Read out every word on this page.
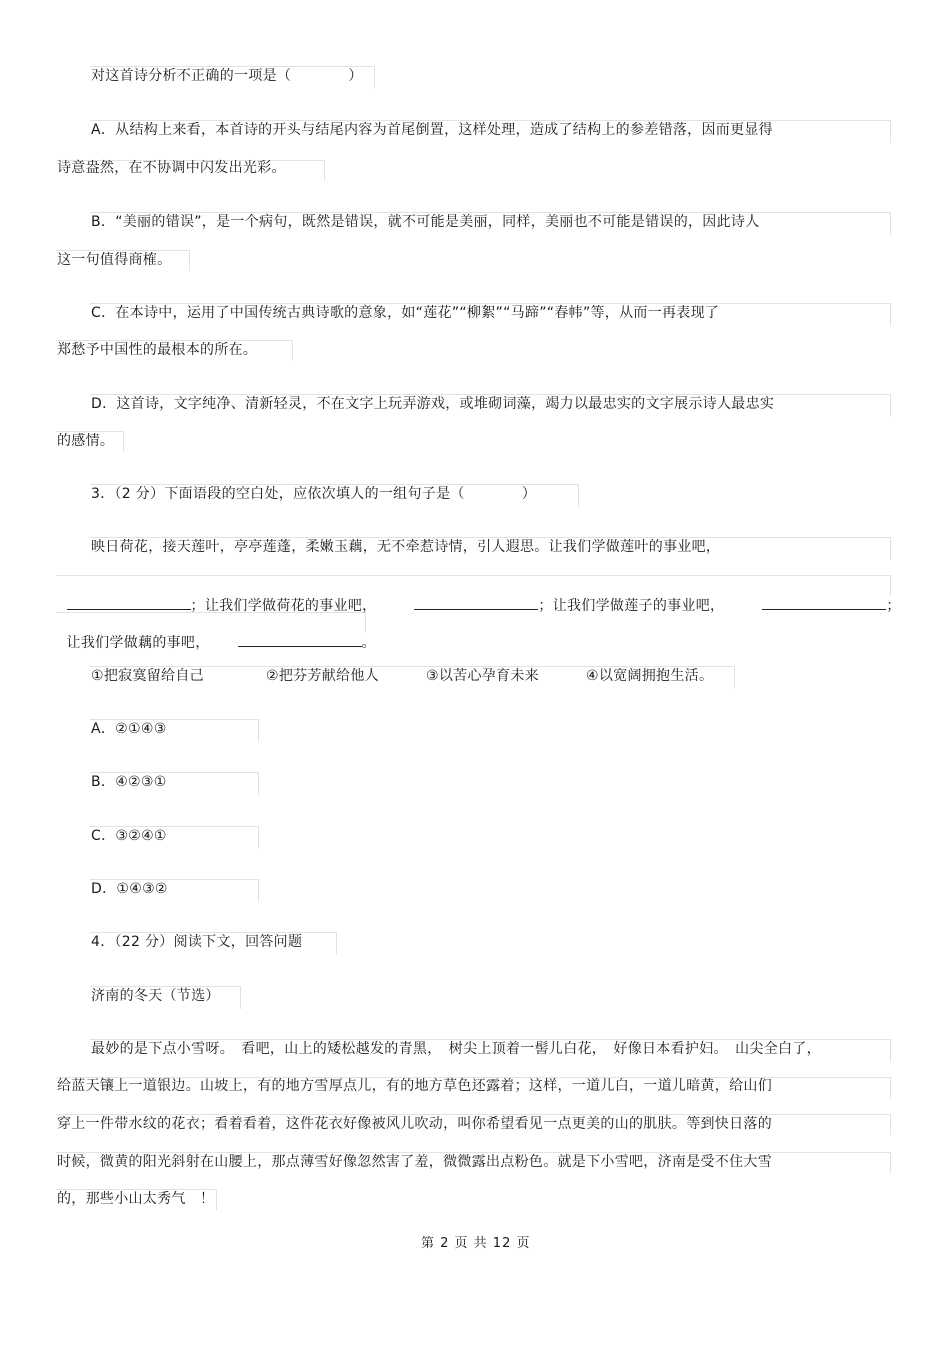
对这首诗分析不正确的一项是（　　　　）
A．从结构上来看，本首诗的开头与结尾内容为首尾倒置，这样处理，造成了结构上的参差错落，因而更显得
诗意盎然，在不协调中闪发出光彩。
B．“美丽的错误”，是一个病句，既然是错误，就不可能是美丽，同样，美丽也不可能是错误的，因此诗人
这一句值得商榷。
C．在本诗中，运用了中国传统古典诗歌的意象，如“莲花”“柳絮”“马蹄”“春帏”等，从而一再表现了
郑愁予中国性的最根本的所在。
D．这首诗，文字纯净、清新轻灵，不在文字上玩弄游戏，或堆砌词藻，竭力以最忠实的文字展示诗人最忠实
的感情。
3．（2 分）下面语段的空白处，应依次填人的一组句子是（　　　　）
映日荷花，接天莲叶，亭亭莲蓬，柔嫩玉藕，无不牵惹诗情，引人遐思。让我们学做莲叶的事业吧，

；让我们学做荷花的事业吧，	；让我们学做莲子的事业吧，	；

让我们学做藕的事吧，	。

①把寂寞留给自己	②把芬芳献给他人	③以苦心孕育未来	④以宽阔拥抱生活。
A．②①④③
B．④②③①
C．③②④①
D．①④③②
4．（22 分）阅读下文，回答问题
济南的冬天（节选）
最妙的是下点小雪呀。　看吧，山上的矮松越发的青黑，　树尖上顶着一髻儿白花，　好像日本看护妇。　山尖全白了，
给蓝天镶上一道银边。山坡上，有的地方雪厚点儿，有的地方草色还露着；这样，一道儿白，一道儿暗黄，给山们
穿上一件带水纹的花衣；看着看着，这件花衣好像被风儿吹动，叫你希望看见一点更美的山的肌肤。等到快日落的
时候，微黄的阳光斜射在山腰上，那点薄雪好像忽然害了羞，微微露出点粉色。就是下小雪吧，济南是受不住大雪
的，那些小山太秀气　！
第 2 页 共 12 页
